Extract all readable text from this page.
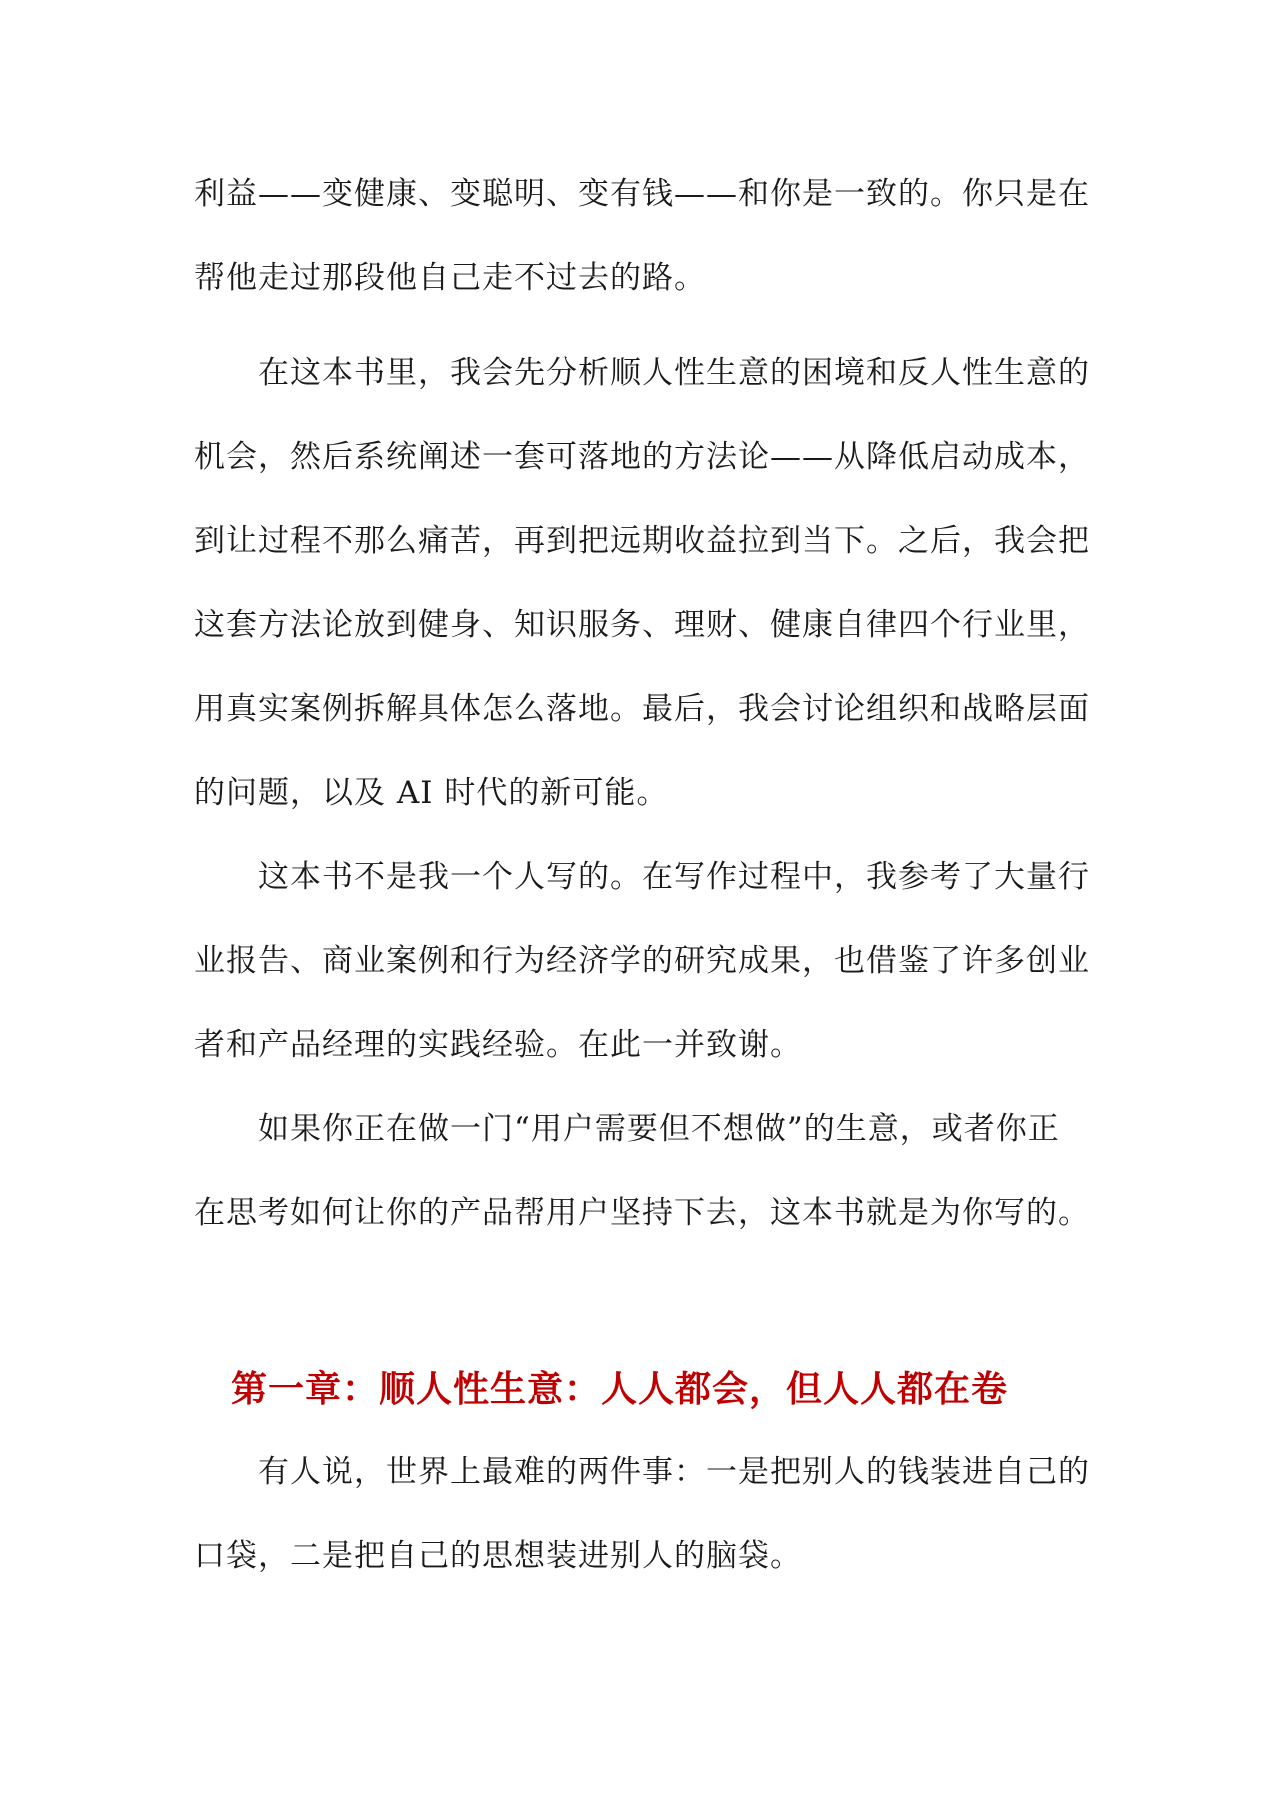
利益——变健康、变聪明、变有钱——和你是一致的。你只是在
帮他走过那段他自己走不过去的路。
在这本书里，我会先分析顺人性生意的困境和反人性生意的
机会，然后系统阐述一套可落地的方法论——从降低启动成本，
到让过程不那么痛苦，再到把远期收益拉到当下。之后，我会把
这套方法论放到健身、知识服务、理财、健康自律四个行业里，
用真实案例拆解具体怎么落地。最后，我会讨论组织和战略层面
的问题，以及 AI 时代的新可能。
这本书不是我一个人写的。在写作过程中，我参考了大量行
业报告、商业案例和行为经济学的研究成果，也借鉴了许多创业
者和产品经理的实践经验。在此一并致谢。
如果你正在做一门“用户需要但不想做”的生意，或者你正
在思考如何让你的产品帮用户坚持下去，这本书就是为你写的。
第一章：顺人性生意：人人都会，但人人都在卷
有人说，世界上最难的两件事：一是把别人的钱装进自己的
口袋，二是把自己的思想装进别人的脑袋。
